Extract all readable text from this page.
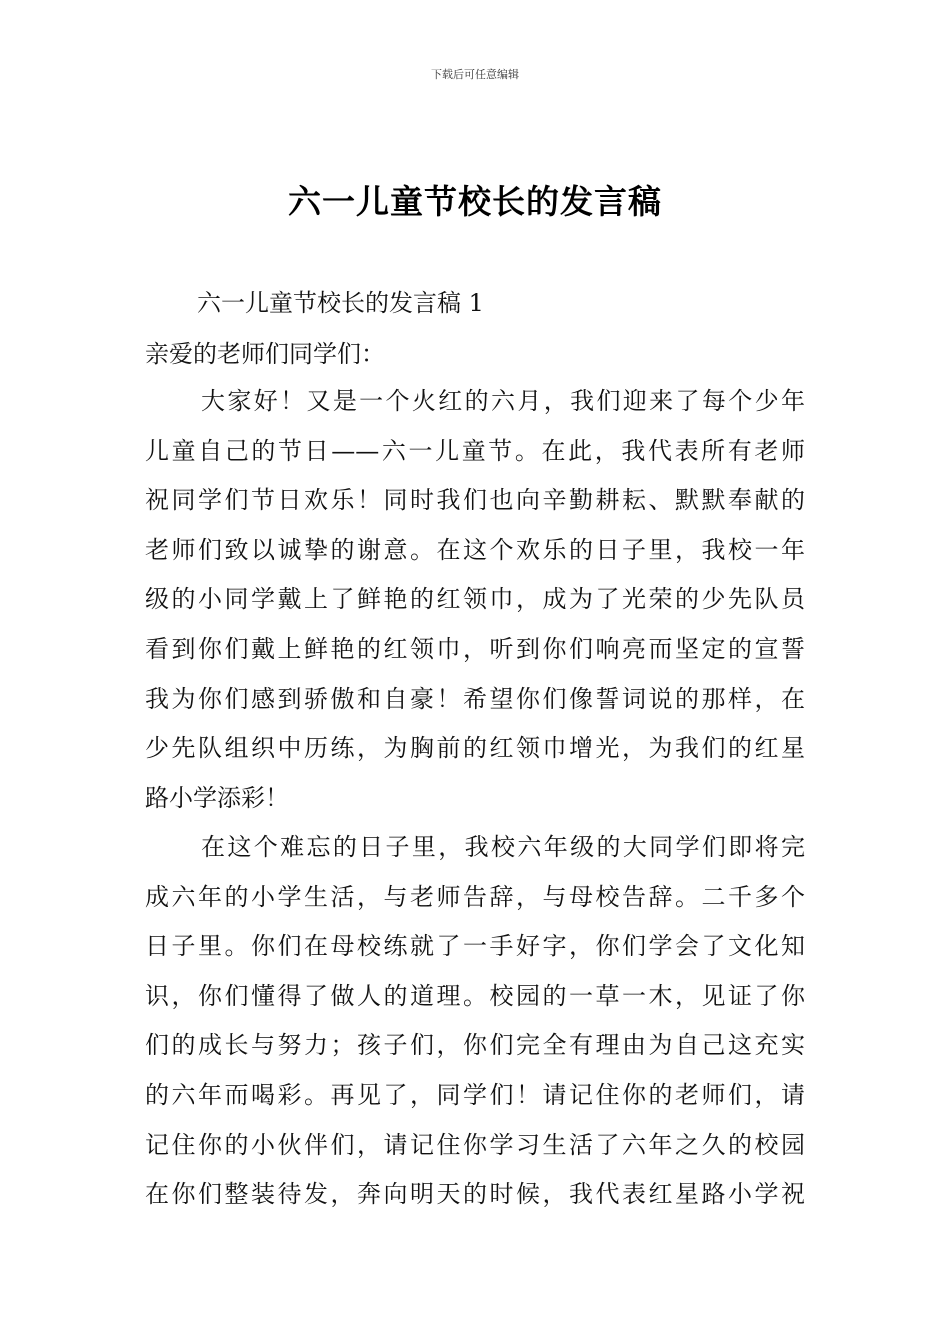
下载后可任意编辑
六一儿童节校长的发言稿
六一儿童节校长的发言稿 1
亲爱的老师们同学们：
大家好！又是一个火红的六月，我们迎来了每个少年
儿童自己的节日——六一儿童节。在此，我代表所有老师
祝同学们节日欢乐！同时我们也向辛勤耕耘、默默奉献的
老师们致以诚挚的谢意。在这个欢乐的日子里，我校一年
级的小同学戴上了鲜艳的红领巾，成为了光荣的少先队员
看到你们戴上鲜艳的红领巾，听到你们响亮而坚定的宣誓
我为你们感到骄傲和自豪！希望你们像誓词说的那样，在
少先队组织中历练，为胸前的红领巾增光，为我们的红星
路小学添彩！
在这个难忘的日子里，我校六年级的大同学们即将完
成六年的小学生活，与老师告辞，与母校告辞。二千多个
日子里。你们在母校练就了一手好字，你们学会了文化知
识，你们懂得了做人的道理。校园的一草一木，见证了你
们的成长与努力；孩子们，你们完全有理由为自己这充实
的六年而喝彩。再见了，同学们！请记住你的老师们，请
记住你的小伙伴们，请记住你学习生活了六年之久的校园
在你们整装待发，奔向明天的时候，我代表红星路小学祝
